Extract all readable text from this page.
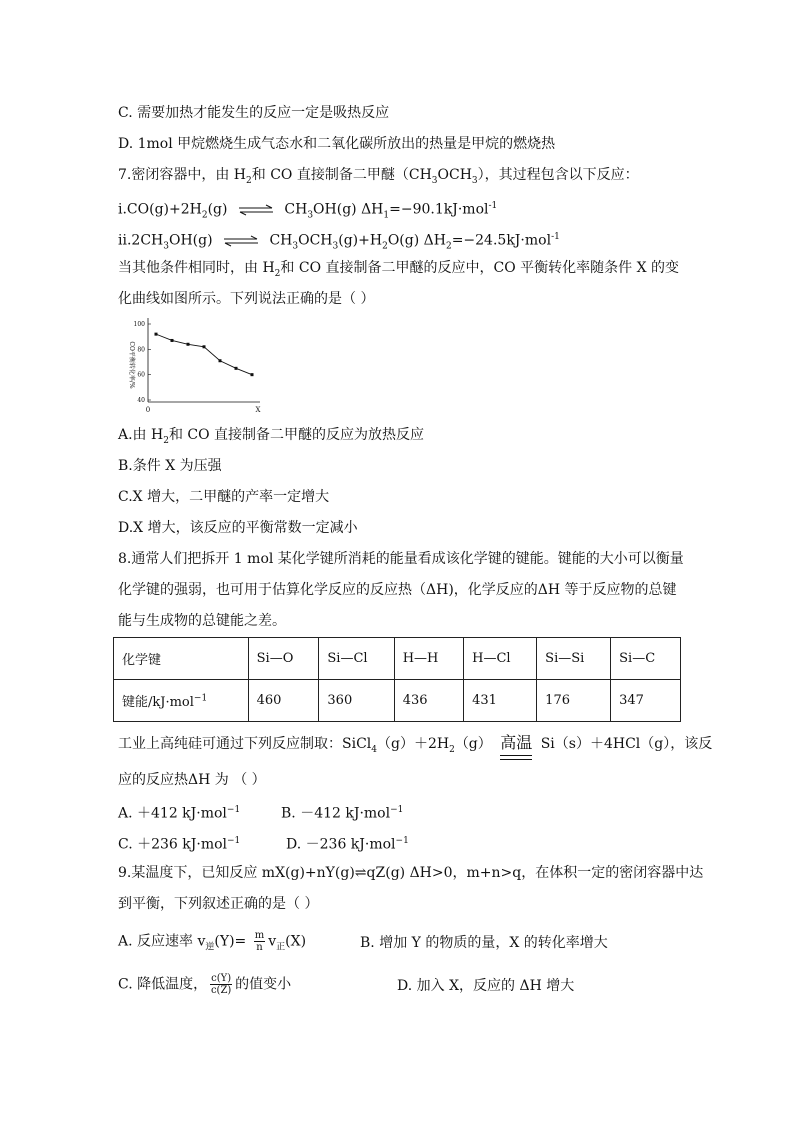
C. 需要加热才能发生的反应一定是吸热反应
D. 1mol 甲烷燃烧生成气态水和二氧化碳所放出的热量是甲烷的燃烧热
7.密闭容器中，由 $H_2$和 CO 直接制备二甲醚$(CH_3OCH_3)$，其过程包含以下反应：
$i.CO(g)+2H_2(g)$ ⇌ $CH_3OH(g)$ $\Delta H_1=-90.1kJ\cdot mol^{-1}$
$ii.2CH_3OH(g)$ ⇌ $CH_3OCH_3(g)+H_2O(g)$ $\Delta H_2=-24.5kJ\cdot mol^{-1}$
当其他条件相同时，由 $H_2$和 CO 直接制备二甲醚的反应中，CO 平衡转化率随条件 X 的变
化曲线如图所示。下列说法正确的是（ ）
CO平衡转化率/%
100
80
60
40
0	X
A.由 $H_2$和 CO 直接制备二甲醚的反应为放热反应
B.条件 X 为压强
C.X 增大，二甲醚的产率一定增大
D.X 增大，该反应的平衡常数一定减小
8.通常人们把拆开 1 mol 某化学键所消耗的能量看成该化学键的键能。键能的大小可以衡量
化学键的强弱，也可用于估算化学反应的反应热（ΔH)，化学反应的ΔH 等于反应物的总键
能与生成物的总键能之差。
化学键	Si—O	Si—Cl	H—H	H—Cl	Si—Si	Si—C
键能/kJ·mol$^{-1}$	460	360	436	431	176	347
工业上高纯硅可通过下列反应制取：$SiCl_4(g)+2H_2(g)$ 高温 Si（s）＋4HCl（g），该反
应的反应热ΔH 为 （ ）
A. ＋412 kJ·mol$^{-1}$	B. －412 kJ·mol$^{-1}$
C. ＋236 kJ·mol$^{-1}$	D. －236 kJ·mol$^{-1}$
9.某温度下，已知反应 mX(g)+nY(g)⇌qZ(g) ΔH>0，m+n>q，在体积一定的密闭容器中达
到平衡，下列叙述正确的是（ ）
A. 反应速率 $v_逆(Y)= \frac{m}{n} v_正(X)$	B. 增加 Y 的物质的量，X 的转化率增大
C. 降低温度， $\frac{c(Y)}{c(Z)}$ 的值变小	D. 加入 X，反应的 ΔH 增大
